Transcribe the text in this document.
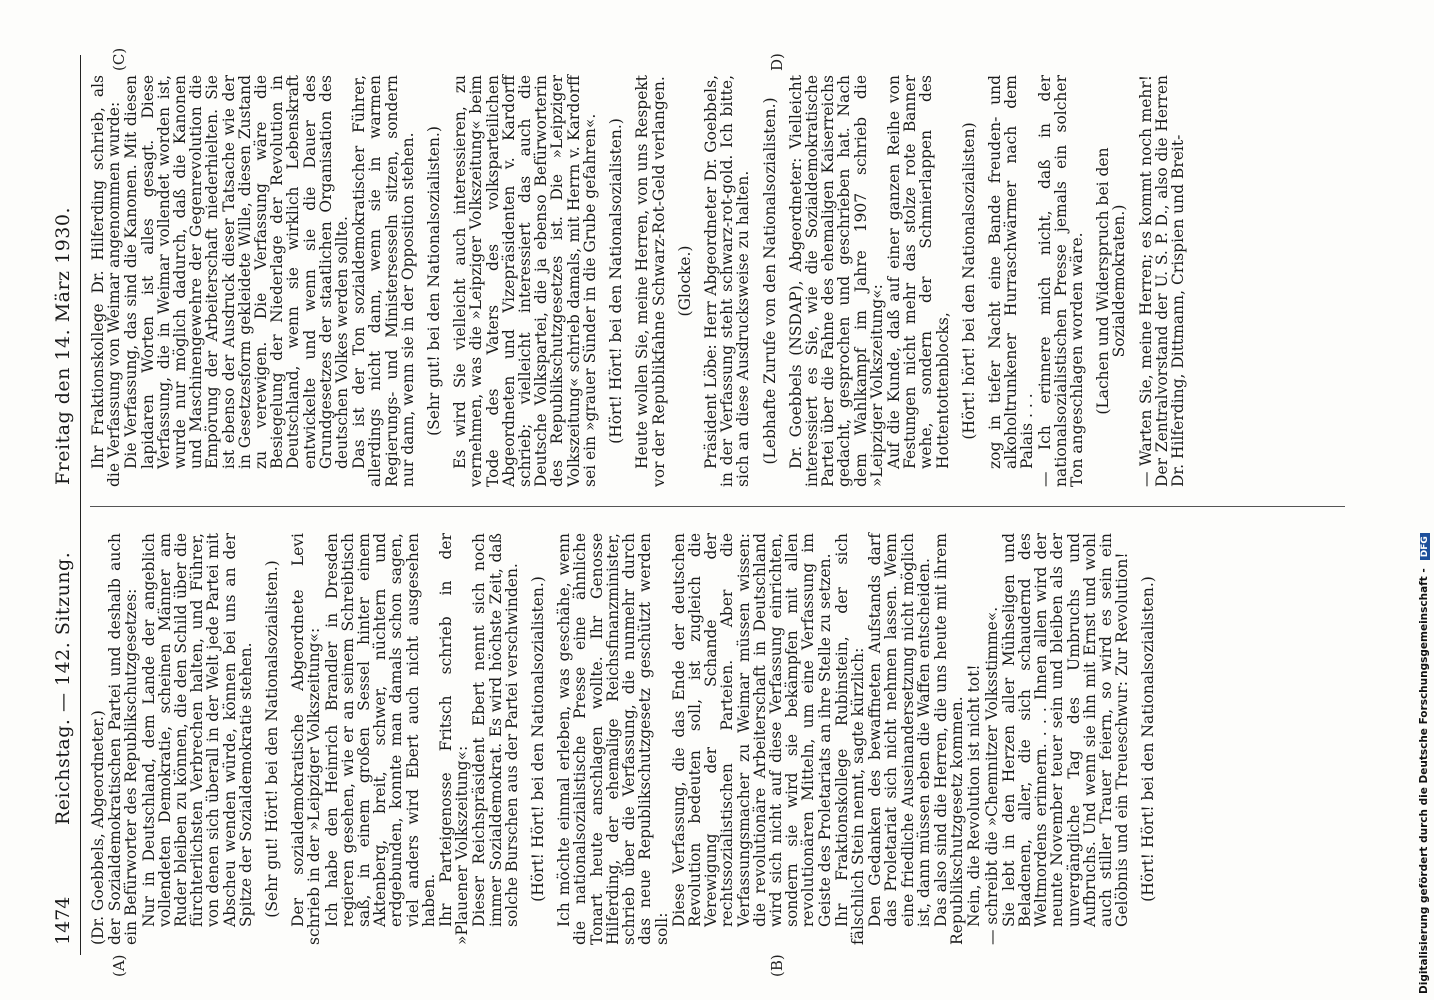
1474
Reichstag. — 142. Sitzung.
Freitag den 14. März 1930.

(Dr. Goebbels, Abgeordneter.) der Sozialdemokratischen Partei und deshalb auch ein Befürworter des Republikschutzgesetzes: Nur in Deutschland, dem Lande der angeblich vollendeten Demokratie, scheinen Männer am Ruder bleiben zu können, die den Schild über die fürchterlichsten Verbrechen halten, und Führer, von denen sich überall in der Welt jede Partei mit Abscheu wenden würde, können bei uns an der Spitze der Sozialdemokratie stehen. (Sehr gut! Hört! bei den Nationalsozialisten.) Der sozialdemokratische Abgeordnete Levi schrieb in der »Leipziger Volkszeitung«: Ich habe den Heinrich Brandler in Dresden regieren gesehen, wie er an seinem Schreibtisch saß, in einem großen Sessel hinter einem Aktenberg, breit, schwer, nüchtern und erdgebunden, konnte man damals schon sagen, viel anders wird Ebert auch nicht ausgesehen haben. Ihr Parteigenosse Fritsch schrieb in der »Plauener Volkszeitung«: Dieser Reichspräsident Ebert nennt sich noch immer Sozialdemokrat. Es wird höchste Zeit, daß solche Burschen aus der Partei verschwinden. (Hört! Hört! bei den Nationalsozialisten.) Ich möchte einmal erleben, was geschähe, wenn die nationalsozialistische Presse eine ähnliche Tonart heute anschlagen wollte. Ihr Genosse Hilferding, der ehemalige Reichsfinanzminister, schrieb über die Verfassung, die nunmehr durch das neue Republikschutzgesetz geschützt werden soll:

Diese Verfassung, die das Ende der deutschen Revolution bedeuten soll, ist zugleich die Verewigung der Schande der rechtssozialistischen Parteien. Aber die Verfassungsmacher zu Weimar müssen wissen: die revolutionäre Arbeiterschaft in Deutschland wird sich nicht auf diese Verfassung einrichten, sondern sie wird sie bekämpfen mit allen revolutionären Mitteln, um eine Verfassung im Geiste des Proletariats an ihre Stelle zu setzen. Ihr Fraktionskollege Rubinstein, der sich fälschlich Stein nennt, sagte kürzlich: Den Gedanken des bewaffneten Aufstands darf das Proletariat sich nicht nehmen lassen. Wenn eine friedliche Auseinandersetzung nicht möglich ist, dann müssen eben die Waffen entscheiden. Das also sind die Herren, die uns heute mit ihrem Republikschutzgesetz kommen. Nein, die Revolution ist nicht tot! — schreibt die »Chemnitzer Volksstimme«. Sie lebt in den Herzen aller Mühseligen und Beladenen, aller, die sich schaudernd des Weltmordens erinnern. . . . Ihnen allen wird der neunte November teuer sein und bleiben als der unvergängliche Tag des Umbruchs und Aufbruchs. Und wenn sie ihn mit Ernst und wohl auch stiller Trauer feiern, so wird es sein ein Gelöbnis und ein Treueschwur: Zur Revolution! (Hört! Hört! bei den Nationalsozialisten.)

Ihr Fraktionskollege Dr. Hilferding schrieb, als die Verfassung von Weimar angenommen wurde: Die Verfassung, das sind die Kanonen. Mit diesen lapidaren Worten ist alles gesagt. Diese Verfassung, die in Weimar vollendet worden ist, wurde nur möglich dadurch, daß die Kanonen und Maschinengewehre der Gegenrevolution die Empörung der Arbeiterschaft niederhielten. Sie ist ebenso der Ausdruck dieser Tatsache wie der in Gesetzesform gekleidete Wille, diesen Zustand zu verewigen. Die Verfassung wäre die Besiegelung der Niederlage der Revolution in Deutschland, wenn sie wirklich Lebenskraft entwickelte und wenn sie die Dauer des Grundgesetzes der staatlichen Organisation des deutschen Volkes werden sollte. Das ist der Ton sozialdemokratischer Führer, allerdings nicht dann, wenn sie in warmen Regierungs- und Ministersesseln sitzen, sondern nur dann, wenn sie in der Opposition stehen. (Sehr gut! bei den Nationalsozialisten.) Es wird Sie vielleicht auch interessieren, zu vernehmen, was die »Leipziger Volkszeitung« beim Tode des Vaters des volksparteilichen Abgeordneten und Vizepräsidenten v. Kardorff schrieb; vielleicht interessiert das auch die Deutsche Volkspartei, die ja ebenso Befürworterin des Republikschutzgesetzes ist. Die »Leipziger Volkszeitung« schrieb damals, mit Herrn v. Kardorff sei ein »grauer Sünder in die Grube gefahren«. (Hört! Hört! bei den Nationalsozialisten.) Heute wollen Sie, meine Herren, von uns Respekt vor der Republikfahne Schwarz-Rot-Geld verlangen. (Glocke.) Präsident Löbe: Herr Abgeordneter Dr. Goebbels, in der Verfassung steht schwarz-rot-gold. Ich bitte, sich an diese Ausdrucksweise zu halten. (Lebhafte Zurufe von den Nationalsozialisten.) Dr. Goebbels (NSDAP), Abgeordneter: Vielleicht interessiert es Sie, wie die Sozialdemokratische Partei über die Fahne des ehemaligen Kaiserreichs gedacht, gesprochen und geschrieben hat. Nach dem Wahlkampf im Jahre 1907 schrieb die »Leipziger Volkszeitung«: Auf die Kunde, daß auf einer ganzen Reihe von Festungen nicht mehr das stolze rote Banner wehe, sondern der Schmierlappen des Hottentottenblocks, (Hört! hört! bei den Nationalsozialisten) zog in tiefer Nacht eine Bande freuden- und alkoholtrunkener Hurraschwärmer nach dem Palais . . . — Ich erinnere mich nicht, daß in der nationalsozialistischen Presse jemals ein solcher Ton angeschlagen worden wäre. (Lachen und Widerspruch bei den Sozialdemokraten.) — Warten Sie, meine Herren; es kommt noch mehr! Der Zentralvorstand der U. S. P. D., also die Herren Dr. Hilferding, Dittmann, Crispien und Breit-

(A)	(B)
(C)	D)
Digitalisierung gefördert durch die Deutsche Forschungsgemeinschaft -DFG
